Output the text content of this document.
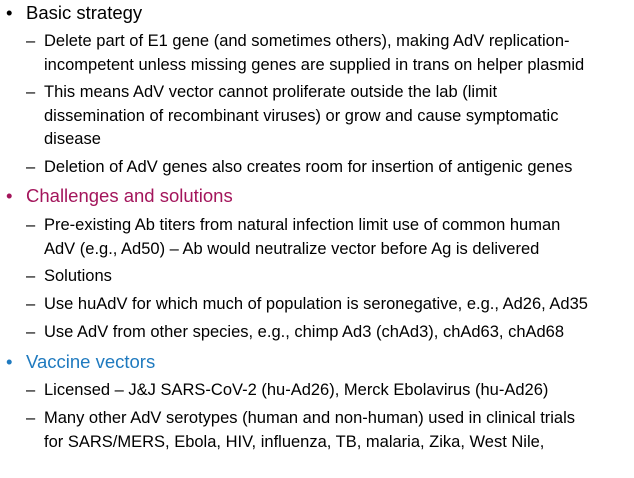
• Basic strategy
– Delete part of E1 gene (and sometimes others), making AdV replication-
incompetent unless missing genes are supplied in trans on helper plasmid
– This means AdV vector cannot proliferate outside the lab (limit
dissemination of recombinant viruses) or grow and cause symptomatic
disease
– Deletion of AdV genes also creates room for insertion of antigenic genes
• Challenges and solutions
– Pre-existing Ab titers from natural infection limit use of common human
AdV (e.g., Ad50) – Ab would neutralize vector before Ag is delivered
– Solutions
– Use huAdV for which much of population is seronegative, e.g., Ad26, Ad35
– Use AdV from other species, e.g., chimp Ad3 (chAd3), chAd63, chAd68
• Vaccine vectors
– Licensed – J&J SARS-CoV-2 (hu-Ad26), Merck Ebolavirus (hu-Ad26)
– Many other AdV serotypes (human and non-human) used in clinical trials
for SARS/MERS, Ebola, HIV, influenza, TB, malaria, Zika, West Nile,
